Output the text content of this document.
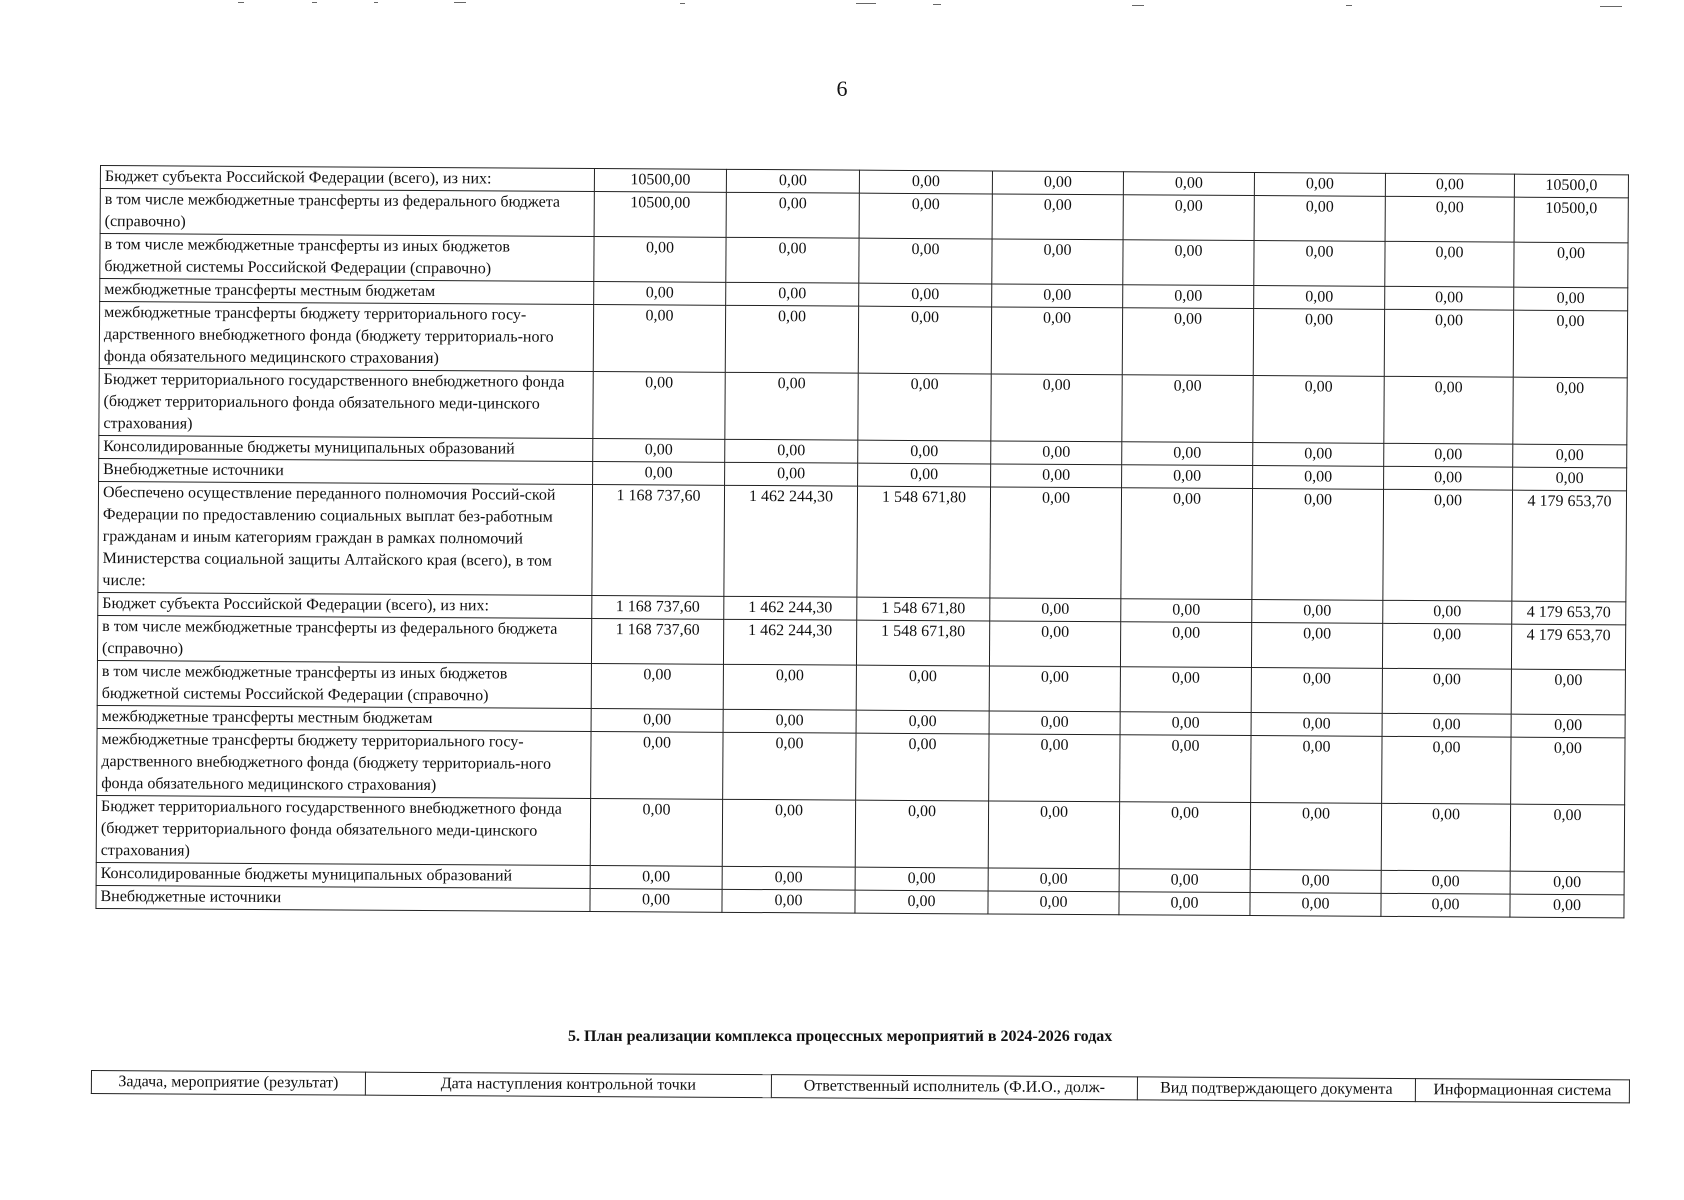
6
Бюджет субъекта Российской Федерации (всего), из них:	10500,00	0,00	0,00	0,00	0,00	0,00	0,00	10500,0
в том числе межбюджетные трансферты из федерального бюджета (справочно)	10500,00	0,00	0,00	0,00	0,00	0,00	0,00	10500,0
в том числе межбюджетные трансферты из иных бюджетов бюджетной системы Российской Федерации (справочно)	0,00	0,00	0,00	0,00	0,00	0,00	0,00	0,00
межбюджетные трансферты местным бюджетам	0,00	0,00	0,00	0,00	0,00	0,00	0,00	0,00
межбюджетные трансферты бюджету территориального госу-дарственного внебюджетного фонда (бюджету территориаль-ного фонда обязательного медицинского страхования)	0,00	0,00	0,00	0,00	0,00	0,00	0,00	0,00
Бюджет территориального государственного внебюджетного фонда (бюджет территориального фонда обязательного меди-цинского страхования)	0,00	0,00	0,00	0,00	0,00	0,00	0,00	0,00
Консолидированные бюджеты муниципальных образований	0,00	0,00	0,00	0,00	0,00	0,00	0,00	0,00
Внебюджетные источники	0,00	0,00	0,00	0,00	0,00	0,00	0,00	0,00
Обеспечено осуществление переданного полномочия Россий-ской Федерации по предоставлению социальных выплат без-работным гражданам и иным категориям граждан в рамках полномочий Министерства социальной защиты Алтайского края (всего), в том числе:	1 168 737,60	1 462 244,30	1 548 671,80	0,00	0,00	0,00	0,00	4 179 653,70
Бюджет субъекта Российской Федерации (всего), из них:	1 168 737,60	1 462 244,30	1 548 671,80	0,00	0,00	0,00	0,00	4 179 653,70
в том числе межбюджетные трансферты из федерального бюджета (справочно)	1 168 737,60	1 462 244,30	1 548 671,80	0,00	0,00	0,00	0,00	4 179 653,70
в том числе межбюджетные трансферты из иных бюджетов бюджетной системы Российской Федерации (справочно)	0,00	0,00	0,00	0,00	0,00	0,00	0,00	0,00
межбюджетные трансферты местным бюджетам	0,00	0,00	0,00	0,00	0,00	0,00	0,00	0,00
межбюджетные трансферты бюджету территориального госу-дарственного внебюджетного фонда (бюджету территориаль-ного фонда обязательного медицинского страхования)	0,00	0,00	0,00	0,00	0,00	0,00	0,00	0,00
Бюджет территориального государственного внебюджетного фонда (бюджет территориального фонда обязательного меди-цинского страхования)	0,00	0,00	0,00	0,00	0,00	0,00	0,00	0,00
Консолидированные бюджеты муниципальных образований	0,00	0,00	0,00	0,00	0,00	0,00	0,00	0,00
Внебюджетные источники	0,00	0,00	0,00	0,00	0,00	0,00	0,00	0,00
5. План реализации комплекса процессных мероприятий в 2024-2026 годах
Задача, мероприятие (результат)	Дата наступления контрольной точки	Ответственный исполнитель (Ф.И.О., долж-	Вид подтверждающего документа	Информационная система
